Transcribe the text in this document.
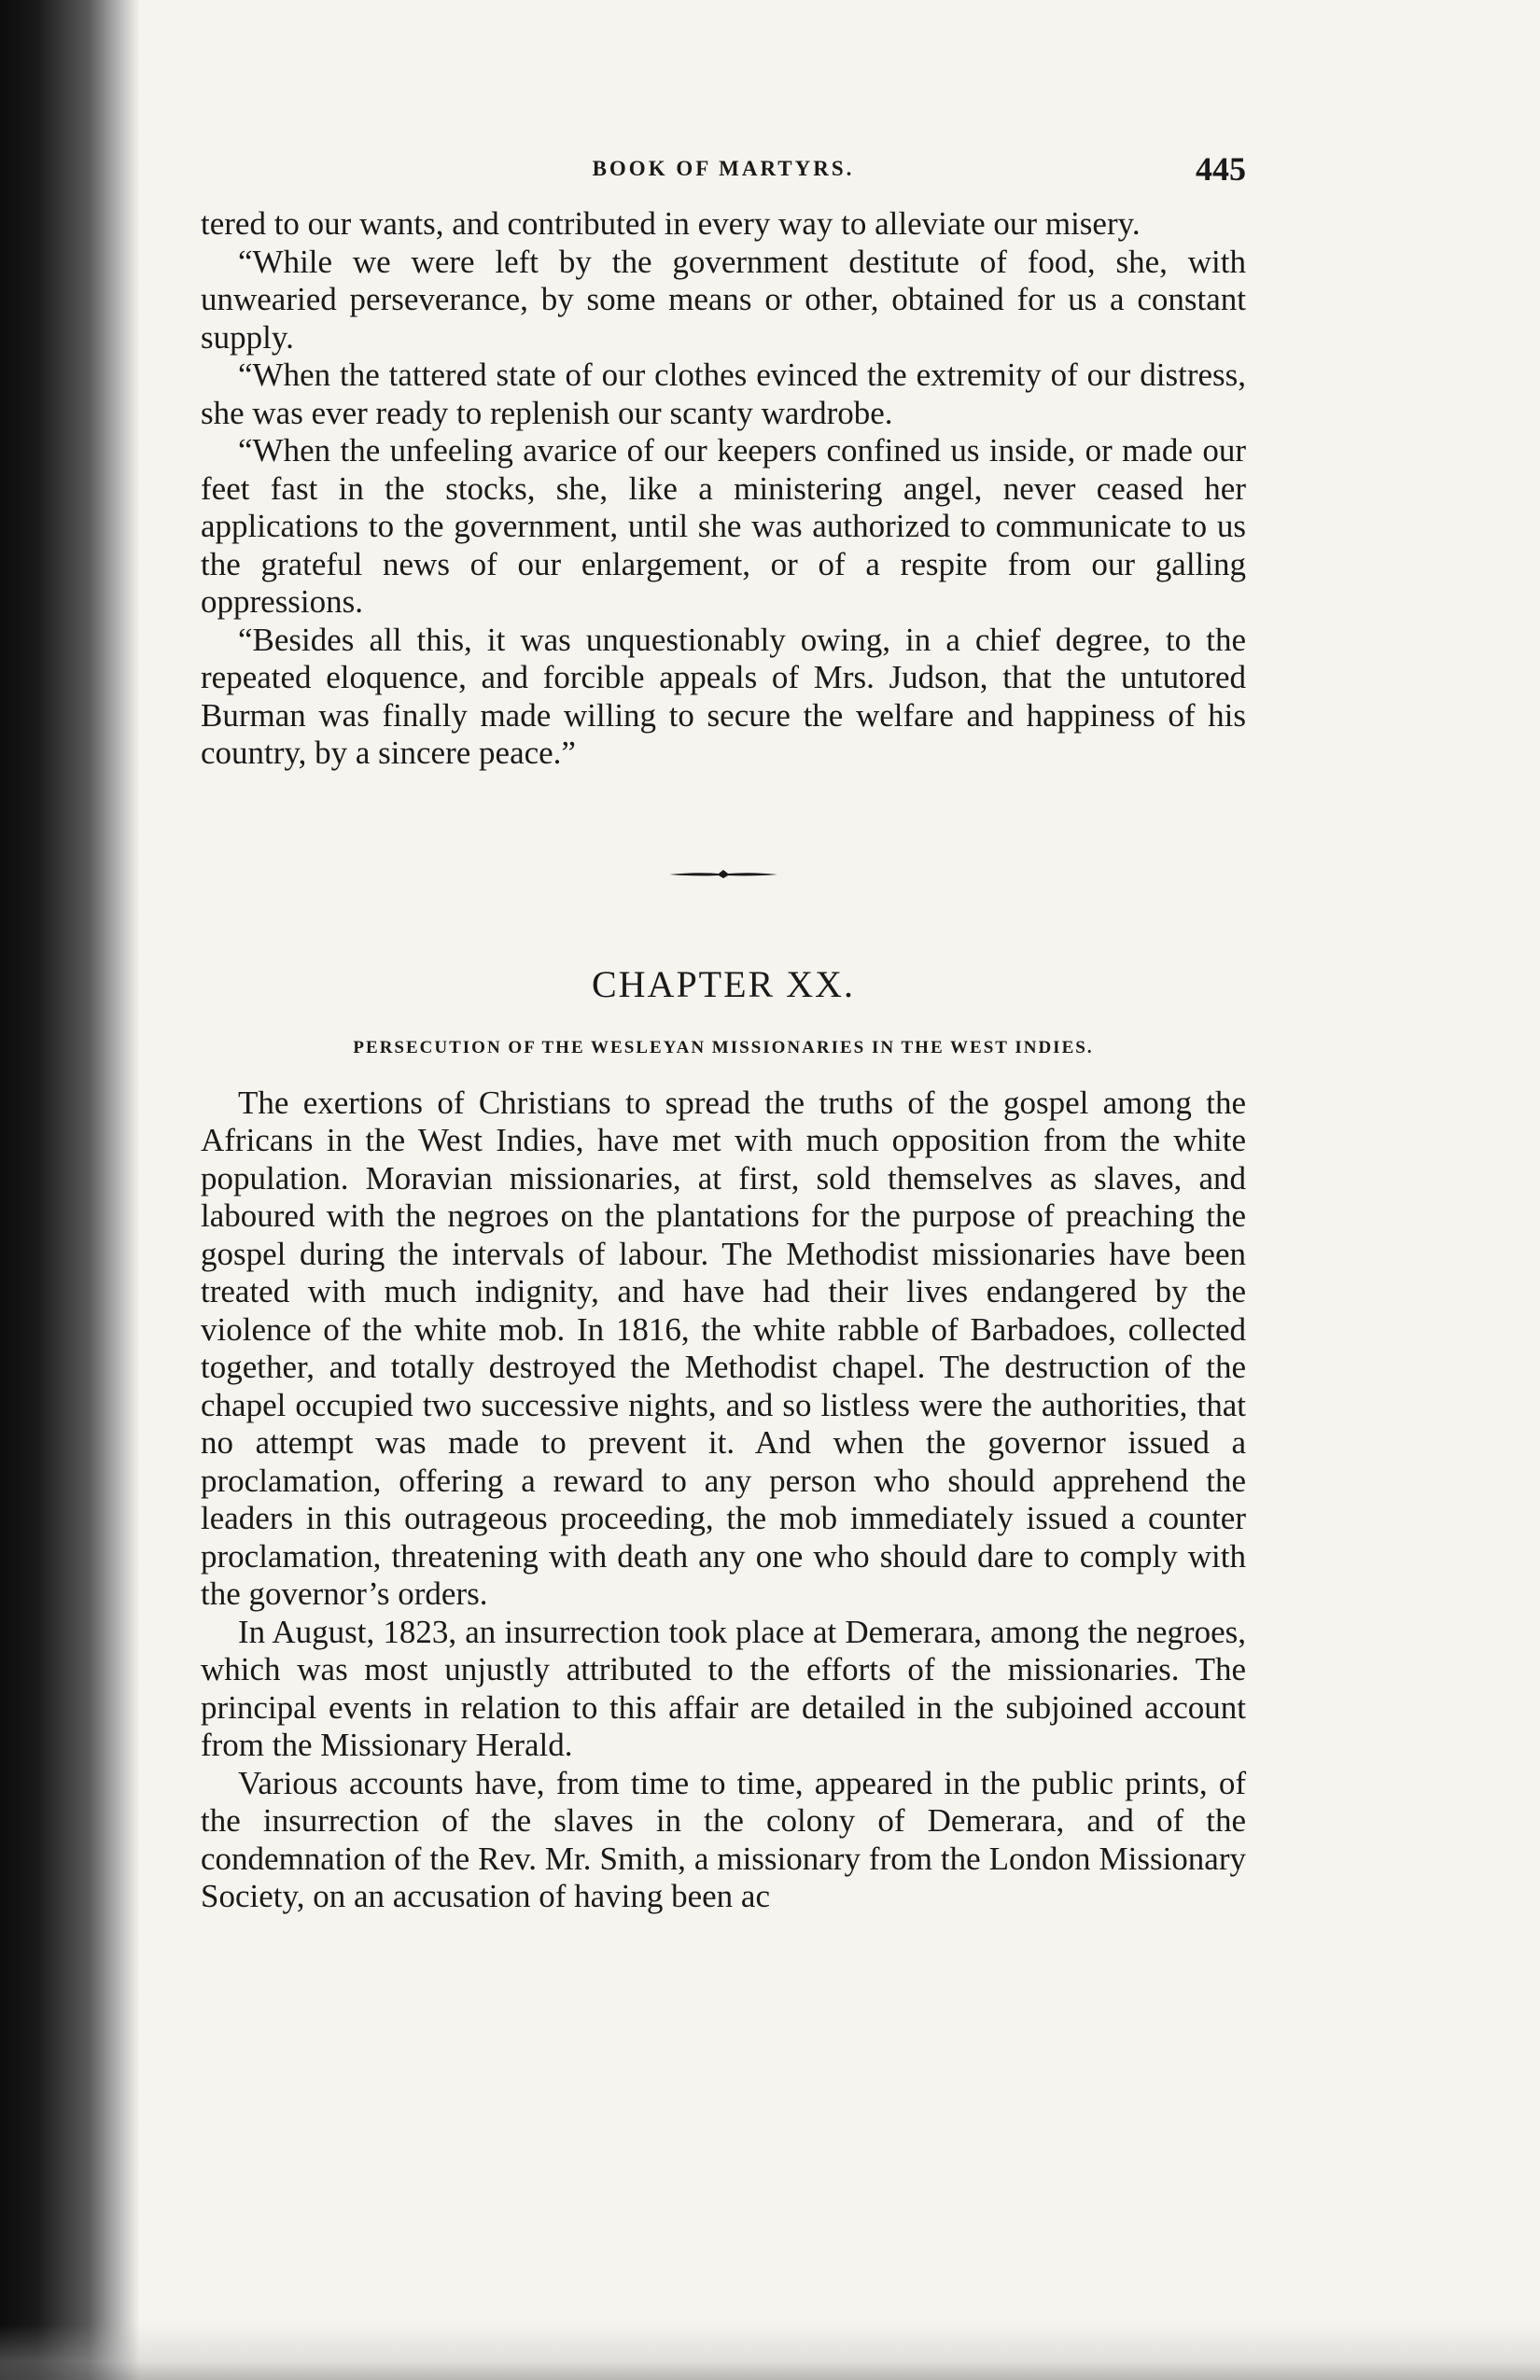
BOOK OF MARTYRS.	445

tered to our wants, and contributed in every way to alleviate our misery.

“While we were left by the government destitute of food, she, with unwearied perseverance, by some means or other, obtained for us a constant supply.

“When the tattered state of our clothes evinced the extremity of our distress, she was ever ready to replenish our scanty wardrobe.

“When the unfeeling avarice of our keepers confined us inside, or made our feet fast in the stocks, she, like a ministering angel, never ceased her applications to the government, until she was authorized to communicate to us the grateful news of our enlargement, or of a respite from our galling oppressions.

“Besides all this, it was unquestionably owing, in a chief degree, to the repeated eloquence, and forcible appeals of Mrs. Judson, that the untutored Burman was finally made willing to secure the welfare and happiness of his country, by a sincere peace.”

CHAPTER XX.
PERSECUTION OF THE WESLEYAN MISSIONARIES IN THE WEST INDIES.

The exertions of Christians to spread the truths of the gospel among the Africans in the West Indies, have met with much opposition from the white population. Moravian missionaries, at first, sold themselves as slaves, and laboured with the negroes on the plantations for the purpose of preaching the gospel during the intervals of labour. The Methodist missionaries have been treated with much indignity, and have had their lives endangered by the violence of the white mob. In 1816, the white rabble of Barbadoes, collected together, and totally destroyed the Methodist chapel. The destruction of the chapel occupied two successive nights, and so listless were the authorities, that no attempt was made to prevent it. And when the governor issued a proclamation, offering a reward to any person who should apprehend the leaders in this outrageous proceeding, the mob immediately issued a counter proclamation, threatening with death any one who should dare to comply with the governor’s orders.

In August, 1823, an insurrection took place at Demerara, among the negroes, which was most unjustly attributed to the efforts of the missionaries. The principal events in relation to this affair are detailed in the subjoined account from the Missionary Herald.

Various accounts have, from time to time, appeared in the public prints, of the insurrection of the slaves in the colony of Demerara, and of the condemnation of the Rev. Mr. Smith, a missionary from the London Missionary Society, on an accusation of having been ac
